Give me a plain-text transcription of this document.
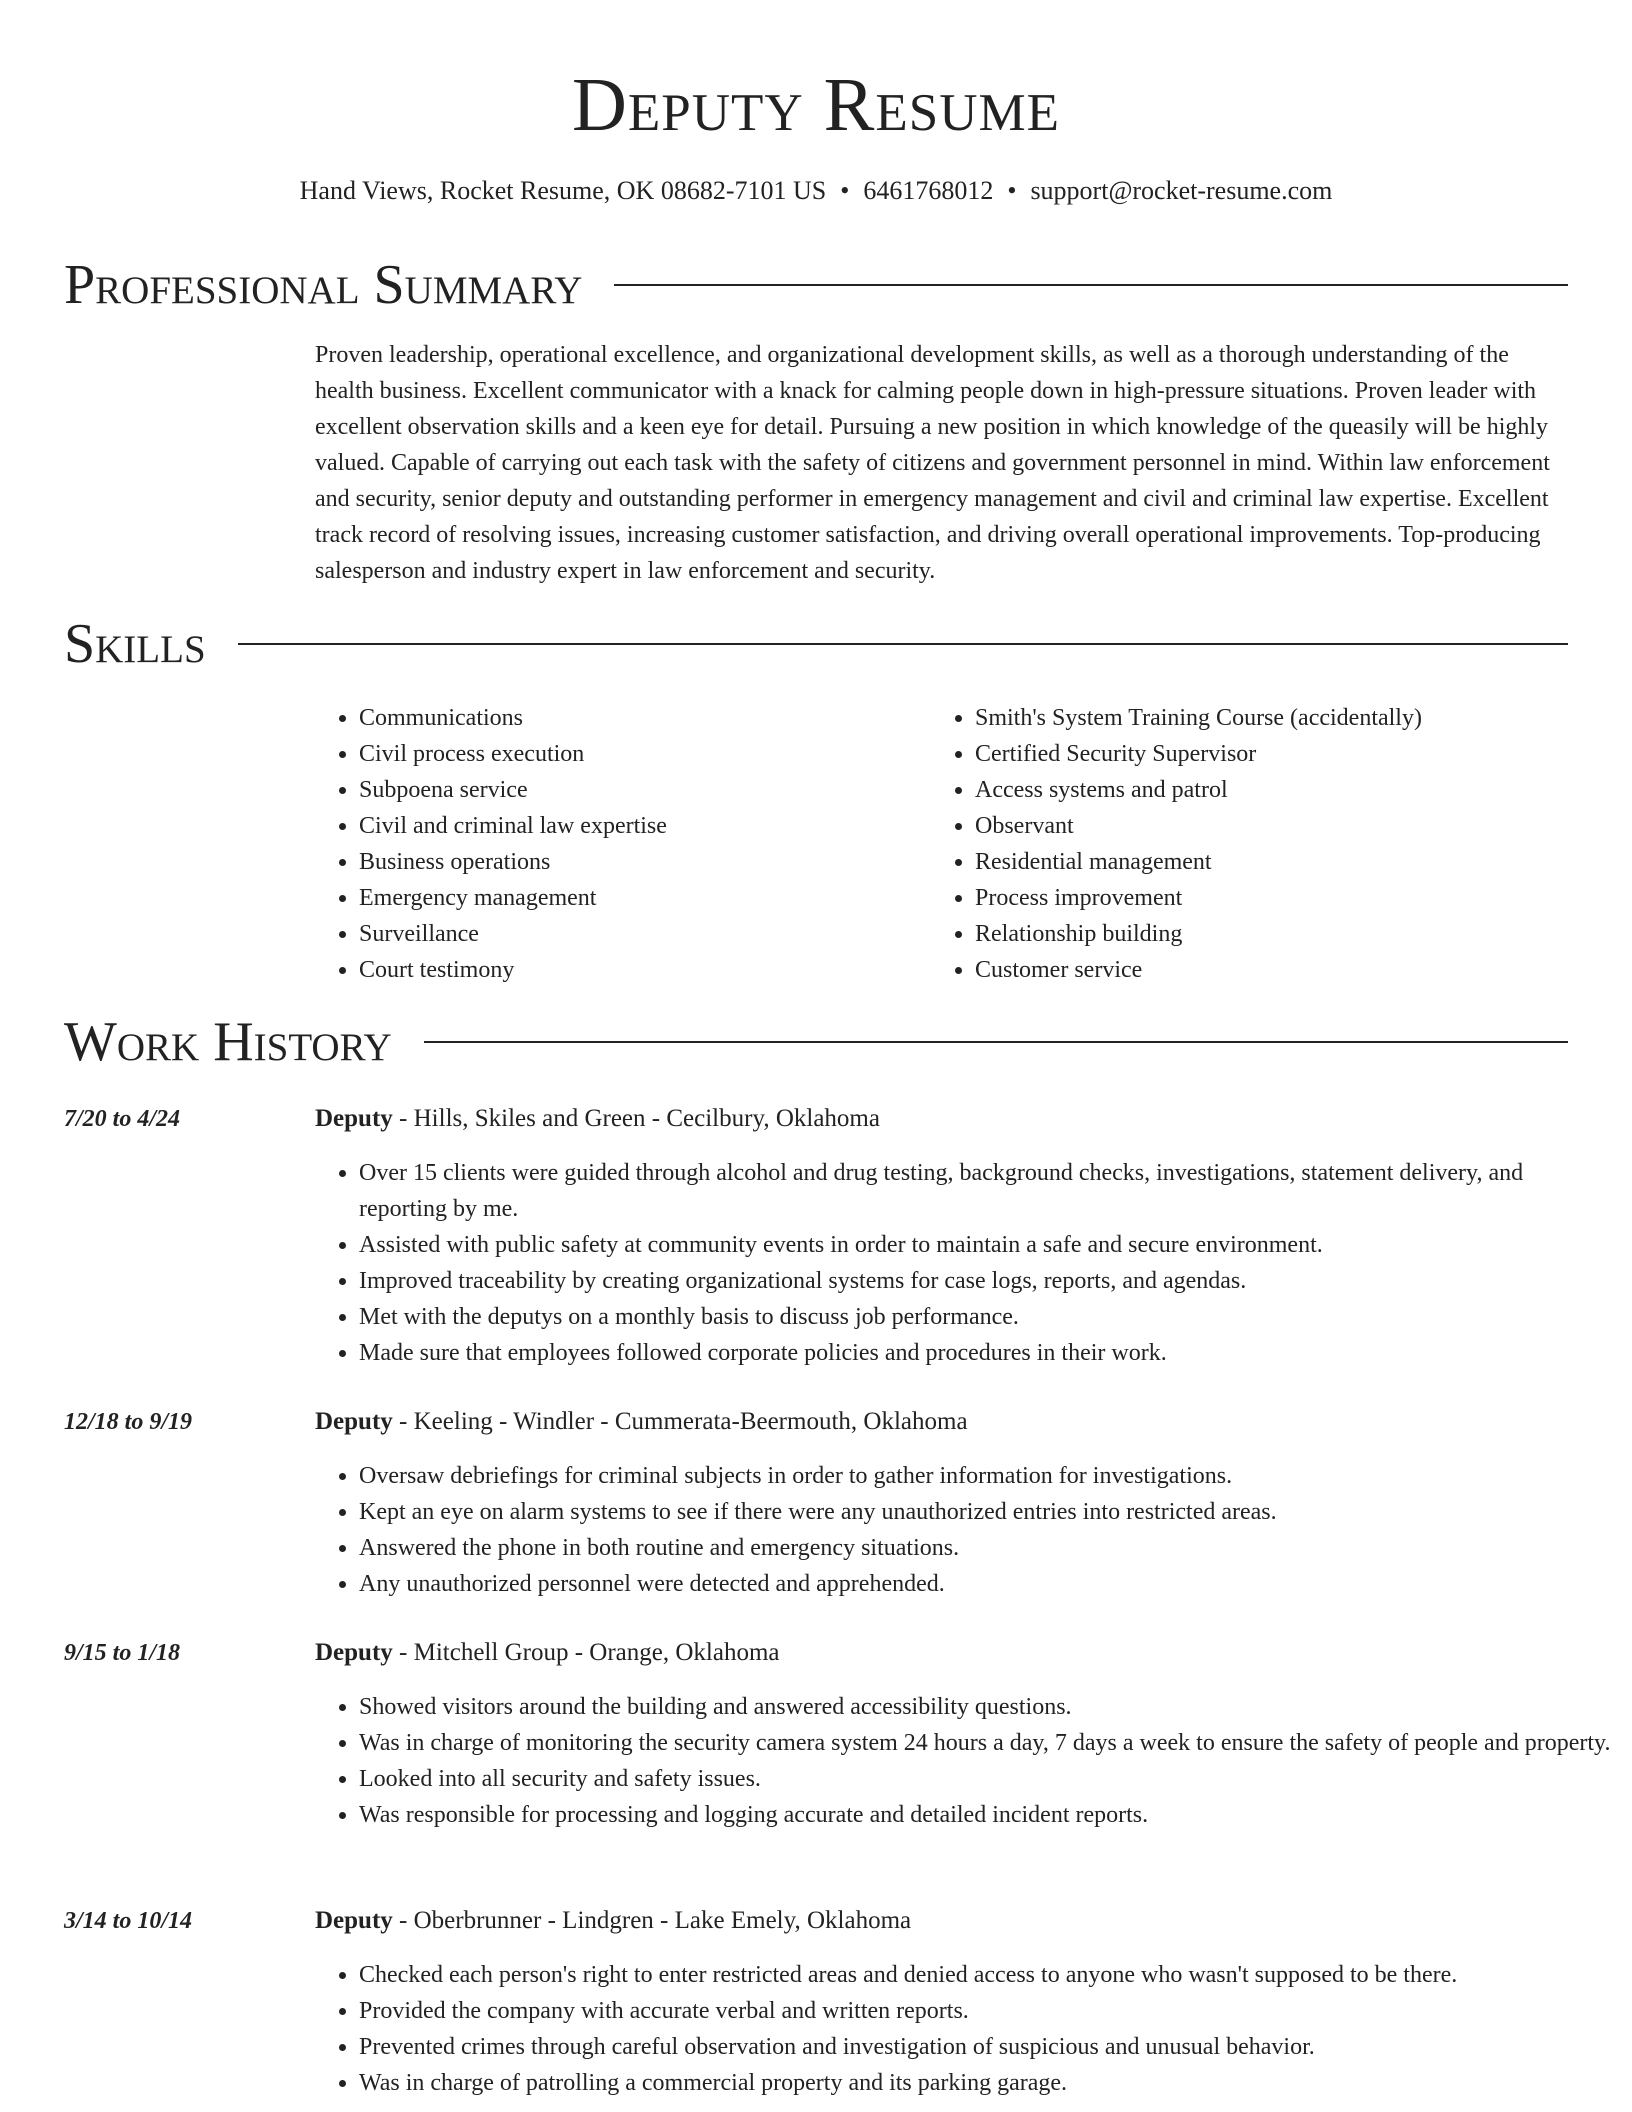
Deputy Resume
Hand Views, Rocket Resume, OK 08682-7101 US • 6461768012 • support@rocket-resume.com
Professional Summary

Proven leadership, operational excellence, and organizational development skills, as well as a thorough understanding of the health business. Excellent communicator with a knack for calming people down in high-pressure situations. Proven leader with excellent observation skills and a keen eye for detail. Pursuing a new position in which knowledge of the queasily will be highly valued. Capable of carrying out each task with the safety of citizens and government personnel in mind. Within law enforcement and security, senior deputy and outstanding performer in emergency management and civil and criminal law expertise. Excellent track record of resolving issues, increasing customer satisfaction, and driving overall operational improvements. Top-producing salesperson and industry expert in law enforcement and security.

Skills
• Communications
• Civil process execution
• Subpoena service
• Civil and criminal law expertise
• Business operations
• Emergency management
• Surveillance
• Court testimony
• Smith's System Training Course (accidentally)
• Certified Security Supervisor
• Access systems and patrol
• Observant
• Residential management
• Process improvement
• Relationship building
• Customer service
Work History
7/20 to 4/24	Deputy - Hills, Skiles and Green - Cecilbury, Oklahoma
• Over 15 clients were guided through alcohol and drug testing, background checks, investigations, statement delivery, and reporting by me.
• Assisted with public safety at community events in order to maintain a safe and secure environment.
• Improved traceability by creating organizational systems for case logs, reports, and agendas.
• Met with the deputys on a monthly basis to discuss job performance.
• Made sure that employees followed corporate policies and procedures in their work.
12/18 to 9/19	Deputy - Keeling - Windler - Cummerata-Beermouth, Oklahoma
• Oversaw debriefings for criminal subjects in order to gather information for investigations.
• Kept an eye on alarm systems to see if there were any unauthorized entries into restricted areas.
• Answered the phone in both routine and emergency situations.
• Any unauthorized personnel were detected and apprehended.
9/15 to 1/18	Deputy - Mitchell Group - Orange, Oklahoma
• Showed visitors around the building and answered accessibility questions.
• Was in charge of monitoring the security camera system 24 hours a day, 7 days a week to ensure the safety of people and property.
• Looked into all security and safety issues.
• Was responsible for processing and logging accurate and detailed incident reports.
3/14 to 10/14	Deputy - Oberbrunner - Lindgren - Lake Emely, Oklahoma
• Checked each person's right to enter restricted areas and denied access to anyone who wasn't supposed to be there.
• Provided the company with accurate verbal and written reports.
• Prevented crimes through careful observation and investigation of suspicious and unusual behavior.
• Was in charge of patrolling a commercial property and its parking garage.
